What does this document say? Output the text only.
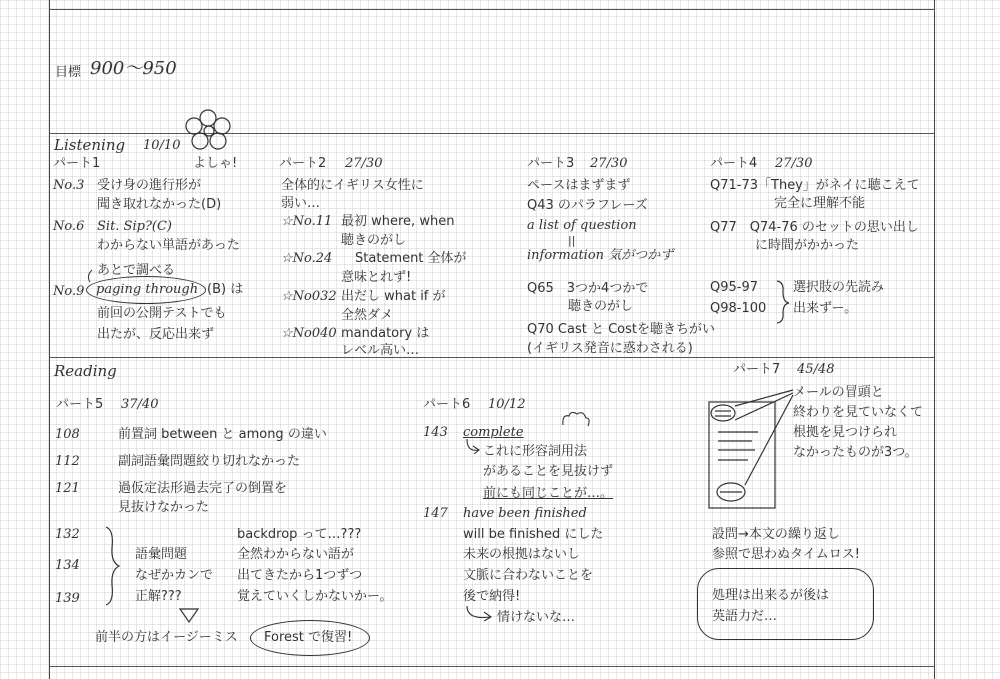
目標 900〜950
Listening 10/10
パート1	よしゃ!
No.3 受け身の進行形が
聞き取れなかった(D)
No.6 Sit. Sip?(C)
わからない単語があった
あとで調べる
No.9 paging through (B) は
前回の公開テストでも
出たが、反応出来ず
パート2 27/30
全体的にイギリス女性に
弱い…
☆No.11 最初 where, when
聴きのがし
☆No.24 Statement 全体が
意味とれず!
☆No032 出だし what if が
全然ダメ
☆No040 mandatory は
レベル高い…
パート3 27/30
ペースはまずまず
Q43 のパラフレーズ
a list of question
||
information 気がつかず
Q65　3つか4つかで
聴きのがし
Q70 Cast と Costを聴きちがい
(イギリス発音に惑わされる)
パート4 27/30
Q71-73「They」がネイに聴こえて
完全に理解不能
Q77　Q74-76 のセットの思い出し
に時間がかかった
Q95-97
Q98-100
選択肢の先読み
出来ずー。
Reading
パート5 37/40
108	前置詞 between と among の違い
112	副詞語彙問題絞り切れなかった
121	過仮定法形過去完了の倒置を
見抜けなかった
132
134
139
語彙問題
なぜかカンで
正解???
backdrop って…???
全然わからない語が
出てきたから1つずつ
覚えていくしかないかー。
前半の方はイージーミス Forest で復習!
パート6 10/12
143 complete
これに形容詞用法
があることを見抜けず
前にも同じことが…。
147 have been finished
will be finished にした
未来の根拠はないし
文脈に合わないことを
後で納得!
情けないな…
パート7 45/48
メールの冒頭と
終わりを見ていなくて
根拠を見つけられ
なかったものが3つ。
設問→本文の繰り返し
参照で思わぬタイムロス!
処理は出来るが後は
英語力だ…
